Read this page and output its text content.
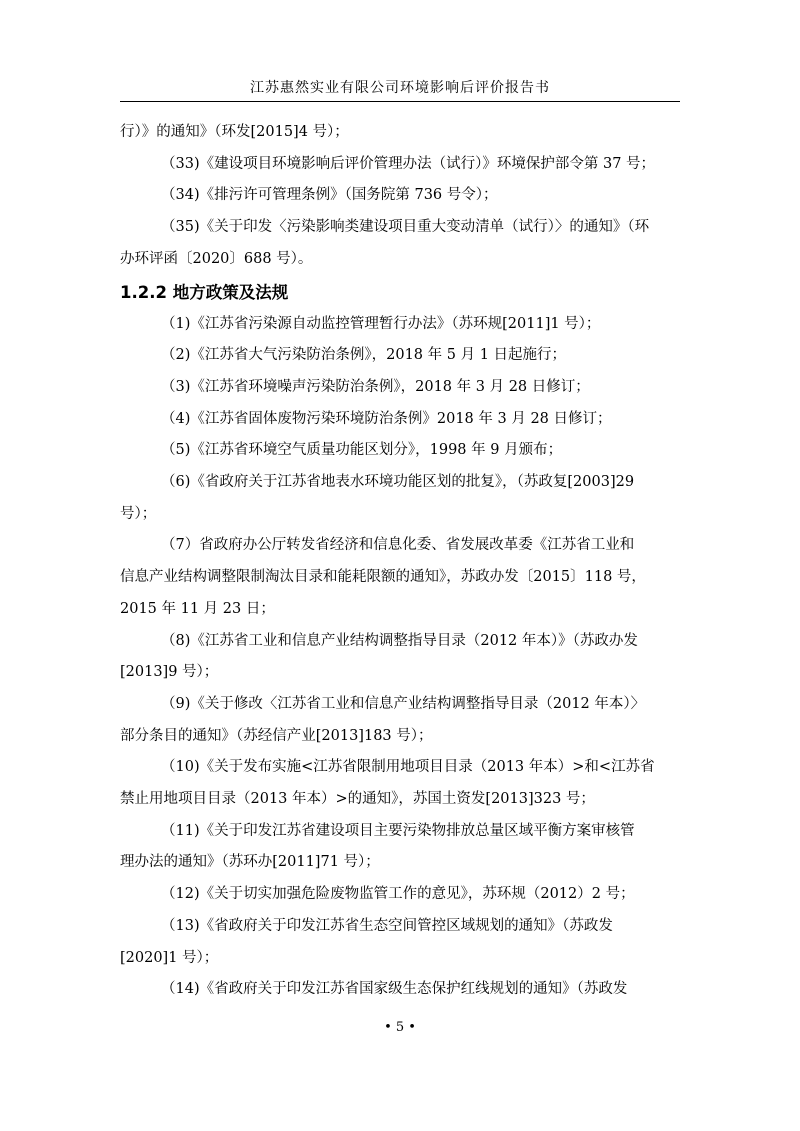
江苏惠然实业有限公司环境影响后评价报告书

行）》的通知》（环发[2015]4 号）；

（33)《建设项目环境影响后评价管理办法（试行）》环境保护部令第 37 号；

（34)《排污许可管理条例》（国务院第 736 号令）；

（35)《关于印发〈污染影响类建设项目重大变动清单（试行）〉的通知》（环

办环评函〔2020〕688 号）。

1.2.2 地方政策及法规

（1)《江苏省污染源自动监控管理暂行办法》（苏环规[2011]1 号）；

（2)《江苏省大气污染防治条例》，2018 年 5 月 1 日起施行；

（3)《江苏省环境噪声污染防治条例》，2018 年 3 月 28 日修订；

（4)《江苏省固体废物污染环境防治条例》2018 年 3 月 28 日修订；

（5)《江苏省环境空气质量功能区划分》，1998 年 9 月颁布；

（6)《省政府关于江苏省地表水环境功能区划的批复》，（苏政复[2003]29

号）；

（7）省政府办公厅转发省经济和信息化委、省发展改革委《江苏省工业和

信息产业结构调整限制淘汰目录和能耗限额的通知》，苏政办发〔2015〕118 号，

2015 年 11 月 23 日；

（8)《江苏省工业和信息产业结构调整指导目录（2012 年本）》（苏政办发

[2013]9 号）；

（9)《关于修改〈江苏省工业和信息产业结构调整指导目录（2012 年本）〉

部分条目的通知》（苏经信产业[2013]183 号）；

（10)《关于发布实施<江苏省限制用地项目目录（2013 年本）>和<江苏省

禁止用地项目目录（2013 年本）>的通知》，苏国土资发[2013]323 号；

（11)《关于印发江苏省建设项目主要污染物排放总量区域平衡方案审核管

理办法的通知》（苏环办[2011]71 号）；

（12)《关于切实加强危险废物监管工作的意见》，苏环规（2012）2 号；

（13)《省政府关于印发江苏省生态空间管控区域规划的通知》（苏政发

[2020]1 号）；

（14)《省政府关于印发江苏省国家级生态保护红线规划的通知》（苏政发

• 5 •
